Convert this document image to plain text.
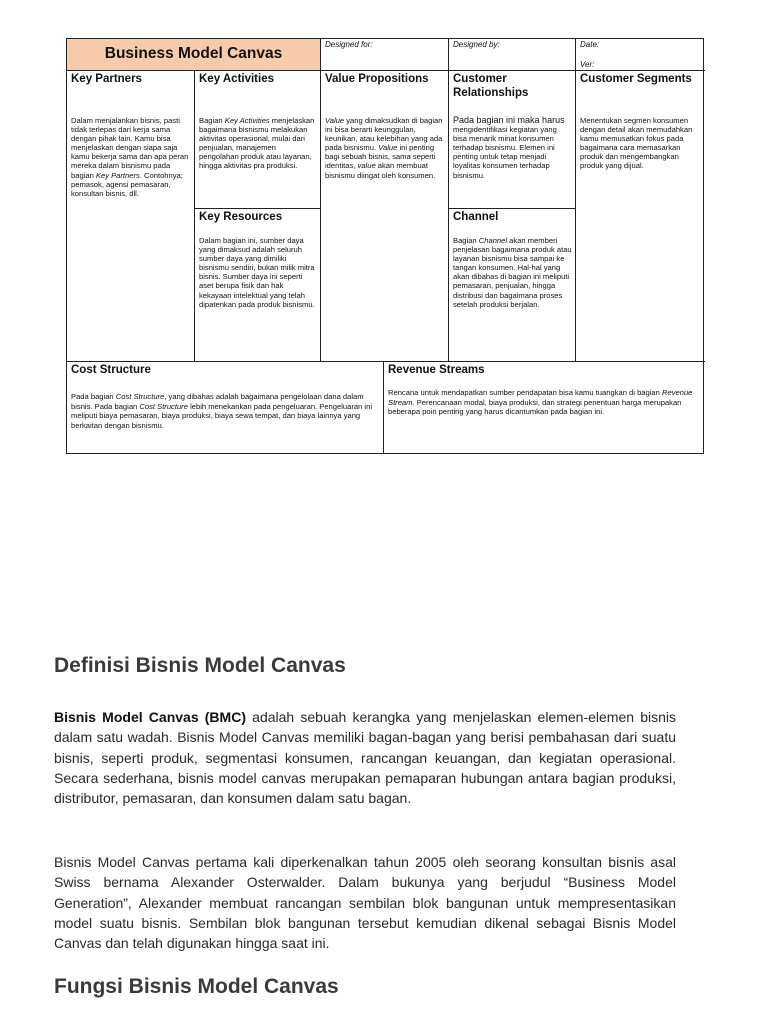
Business Model Canvas
Designed for:	Designed by:	Date:
Ver:
Key Partners
Dalam menjalankan bisnis, pasti tidak terlepas dari kerja sama dengan pihak lain. Kamu bisa menjelaskan dengan siapa saja kamu bekerja sama dan apa peran mereka dalam bisnismu pada bagian Key Partners. Contohnya; pemasok, agensi pemasaran, konsultan bisnis, dll.
Key Activities
Bagian Key Activities menjelaskan bagaimana bisnismu melakukan aktivitas operasional, mulai dari penjualan, manajemen pengolahan produk atau layanan, hingga aktivitas pra produksi.
Key Resources
Dalam bagian ini, sumber daya yang dimaksud adalah seluruh sumber daya yang dimiliki bisnismu sendiri, bukan milik mitra bisnis. Sumber daya ini seperti aset berupa fisik dan hak kekayaan intelektual yang telah dipatenkan pada produk bisnismu.
Value Propositions
Value yang dimaksudkan di bagian ini bisa berarti keunggulan, keunikan, atau kelebihan yang ada pada bisnismu. Value ini penting bagi sebuah bisnis, sama seperti identitas, value akan membuat bisnismu diingat oleh konsumen.
Customer Relationships
Pada bagian ini maka harus mengidentifikasi kegiatan yang bisa menarik minat konsumen terhadap bisnismu. Elemen ini penting untuk tetap menjadi loyalitas konsumen terhadap bisnismu.
Channel
Bagian Channel akan memberi penjelasan bagaimana produk atau layanan bisnismu bisa sampai ke tangan konsumen. Hal-hal yang akan dibahas di bagian ini meliputi pemasaran, penjualan, hingga distribusi dan bagaimana proses setelah produksi berjalan.
Customer Segments
Menentukan segmen konsumen dengan detail akan memudahkan kamu memusatkan fokus pada bagaimana cara memasarkan produk dan mengembangkan produk yang dijual.
Cost Structure
Pada bagian Cost Structure, yang dibahas adalah bagaimana pengelolaan dana dalam bisnis. Pada bagian Cost Structure lebih menekankan pada pengeluaran. Pengeluaran ini meliputi biaya pemasaran, biaya produksi, biaya sewa tempat, dan biaya lainnya yang berkaitan dengan bisnismu.
Revenue Streams
Rencana untuk mendapatkan sumber pendapatan bisa kamu tuangkan di bagian Revenue Stream. Perencanaan modal, biaya produksi, dan strategi penentuan harga merupakan beberapa poin penting yang harus dicantumkan pada bagian ini.
Definisi Bisnis Model Canvas
Bisnis Model Canvas (BMC) adalah sebuah kerangka yang menjelaskan elemen-elemen bisnis dalam satu wadah. Bisnis Model Canvas memiliki bagan-bagan yang berisi pembahasan dari suatu bisnis, seperti produk, segmentasi konsumen, rancangan keuangan, dan kegiatan operasional. Secara sederhana, bisnis model canvas merupakan pemaparan hubungan antara bagian produksi, distributor, pemasaran, dan konsumen dalam satu bagan.
Bisnis Model Canvas pertama kali diperkenalkan tahun 2005 oleh seorang konsultan bisnis asal Swiss bernama Alexander Osterwalder. Dalam bukunya yang berjudul “Business Model Generation”, Alexander membuat rancangan sembilan blok bangunan untuk mempresentasikan model suatu bisnis. Sembilan blok bangunan tersebut kemudian dikenal sebagai Bisnis Model Canvas dan telah digunakan hingga saat ini.
Fungsi Bisnis Model Canvas
